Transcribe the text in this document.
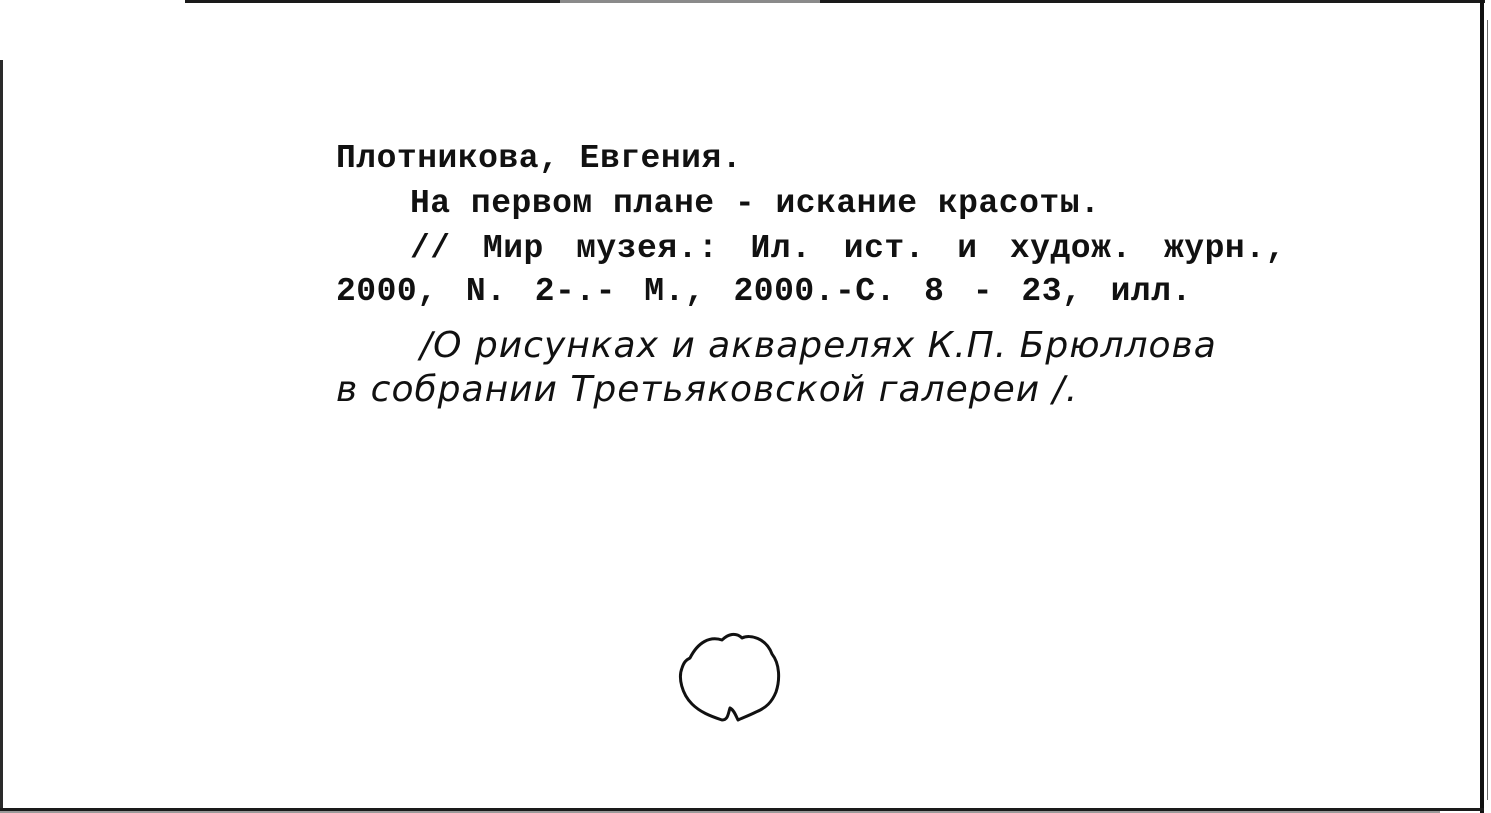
Плотникова, Евгения.

На первом плане - искание красоты.

// Мир музея.: Ил. ист. и худож. журн.,

2000, N. 2-.- М., 2000.-С. 8 - 23, илл.

/О рисунках и акварелях К.П. Брюллова

в собрании Третьяковской галереи /.
